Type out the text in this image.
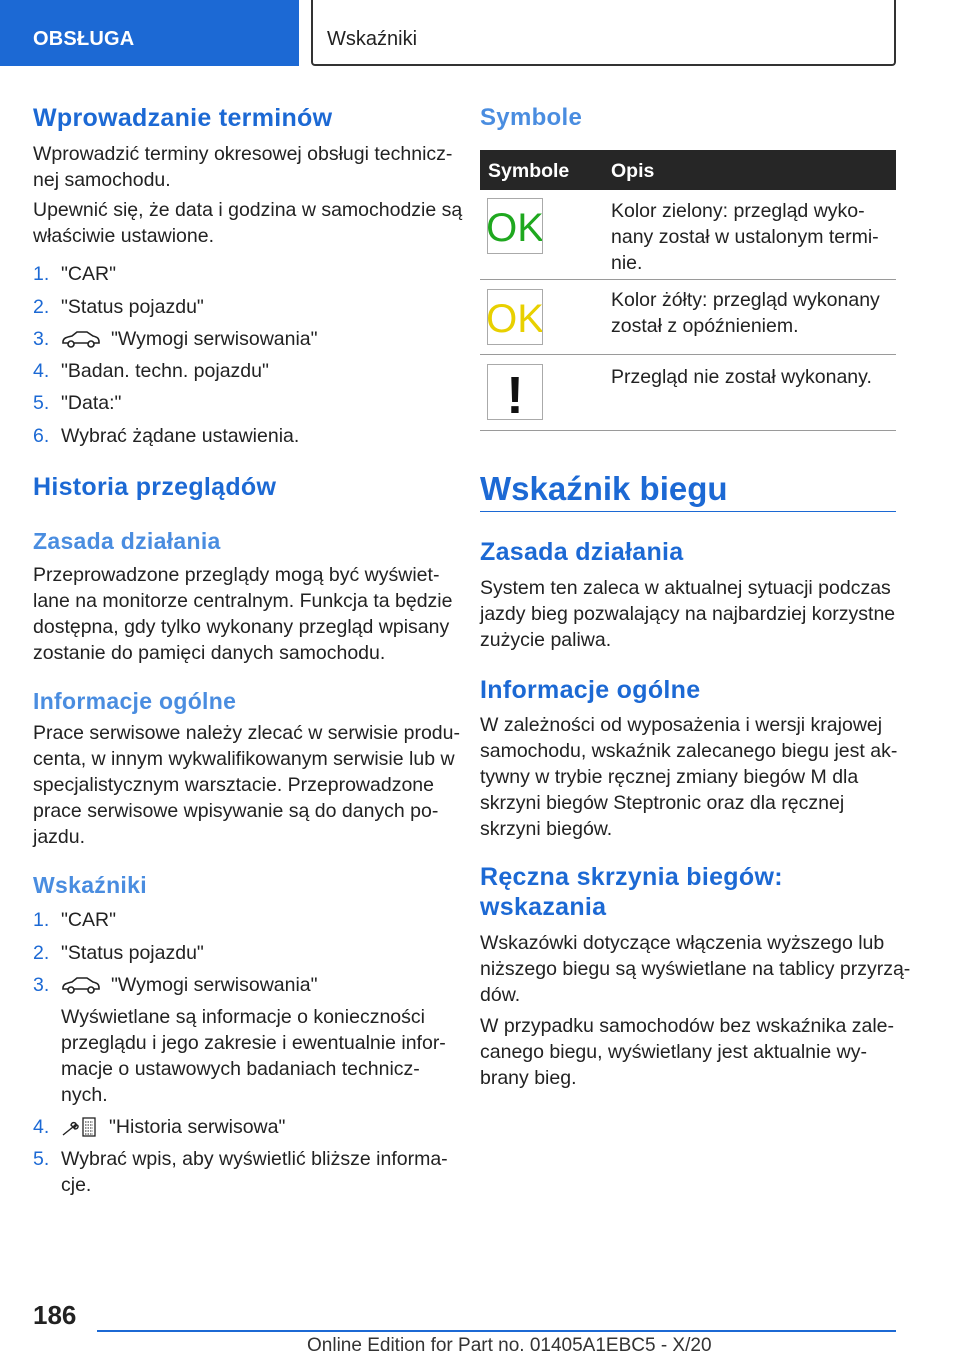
OBSŁUGA	Wskaźniki
Wprowadzanie terminów
Wprowadzić terminy okresowej obsługi technicz-
nej samochodu.
Upewnić się, że data i godzina w samochodzie są
właściwie ustawione.
1. "CAR"
2. "Status pojazdu"
3.	"Wymogi serwisowania"
4. "Badan. techn. pojazdu"
5. "Data:"
6. Wybrać żądane ustawienia.
Historia przeglądów
Zasada działania
Przeprowadzone przeglądy mogą być wyświet-
lane na monitorze centralnym. Funkcja ta będzie
dostępna, gdy tylko wykonany przegląd wpisany
zostanie do pamięci danych samochodu.
Informacje ogólne
Prace serwisowe należy zlecać w serwisie produ-
centa, w innym wykwalifikowanym serwisie lub w
specjalistycznym warsztacie. Przeprowadzone
prace serwisowe wpisywanie są do danych po-
jazdu.
Wskaźniki
1. "CAR"
2. "Status pojazdu"
3.	"Wymogi serwisowania"
Wyświetlane są informacje o konieczności
przeglądu i jego zakresie i ewentualnie infor-
macje o ustawowych badaniach technicz-
nych.
4.	"Historia serwisowa"
5. Wybrać wpis, aby wyświetlić bliższe informa-
cje.
Symbole
Symbole Opis
OK	Kolor zielony: przegląd wyko-
nany został w ustalonym termi-
nie.
OK	Kolor żółty: przegląd wykonany
został z opóźnieniem.
!	Przegląd nie został wykonany.
Wskaźnik biegu
Zasada działania
System ten zaleca w aktualnej sytuacji podczas
jazdy bieg pozwalający na najbardziej korzystne
zużycie paliwa.
Informacje ogólne
W zależności od wyposażenia i wersji krajowej
samochodu, wskaźnik zalecanego biegu jest ak-
tywny w trybie ręcznej zmiany biegów M dla
skrzyni biegów Steptronic oraz dla ręcznej
skrzyni biegów.
Ręczna skrzynia biegów:
wskazania
Wskazówki dotyczące włączenia wyższego lub
niższego biegu są wyświetlane na tablicy przyrzą-
dów.
W przypadku samochodów bez wskaźnika zale-
canego biegu, wyświetlany jest aktualnie wy-
brany bieg.
186
Online Edition for Part no. 01405A1EBC5 - X/20
